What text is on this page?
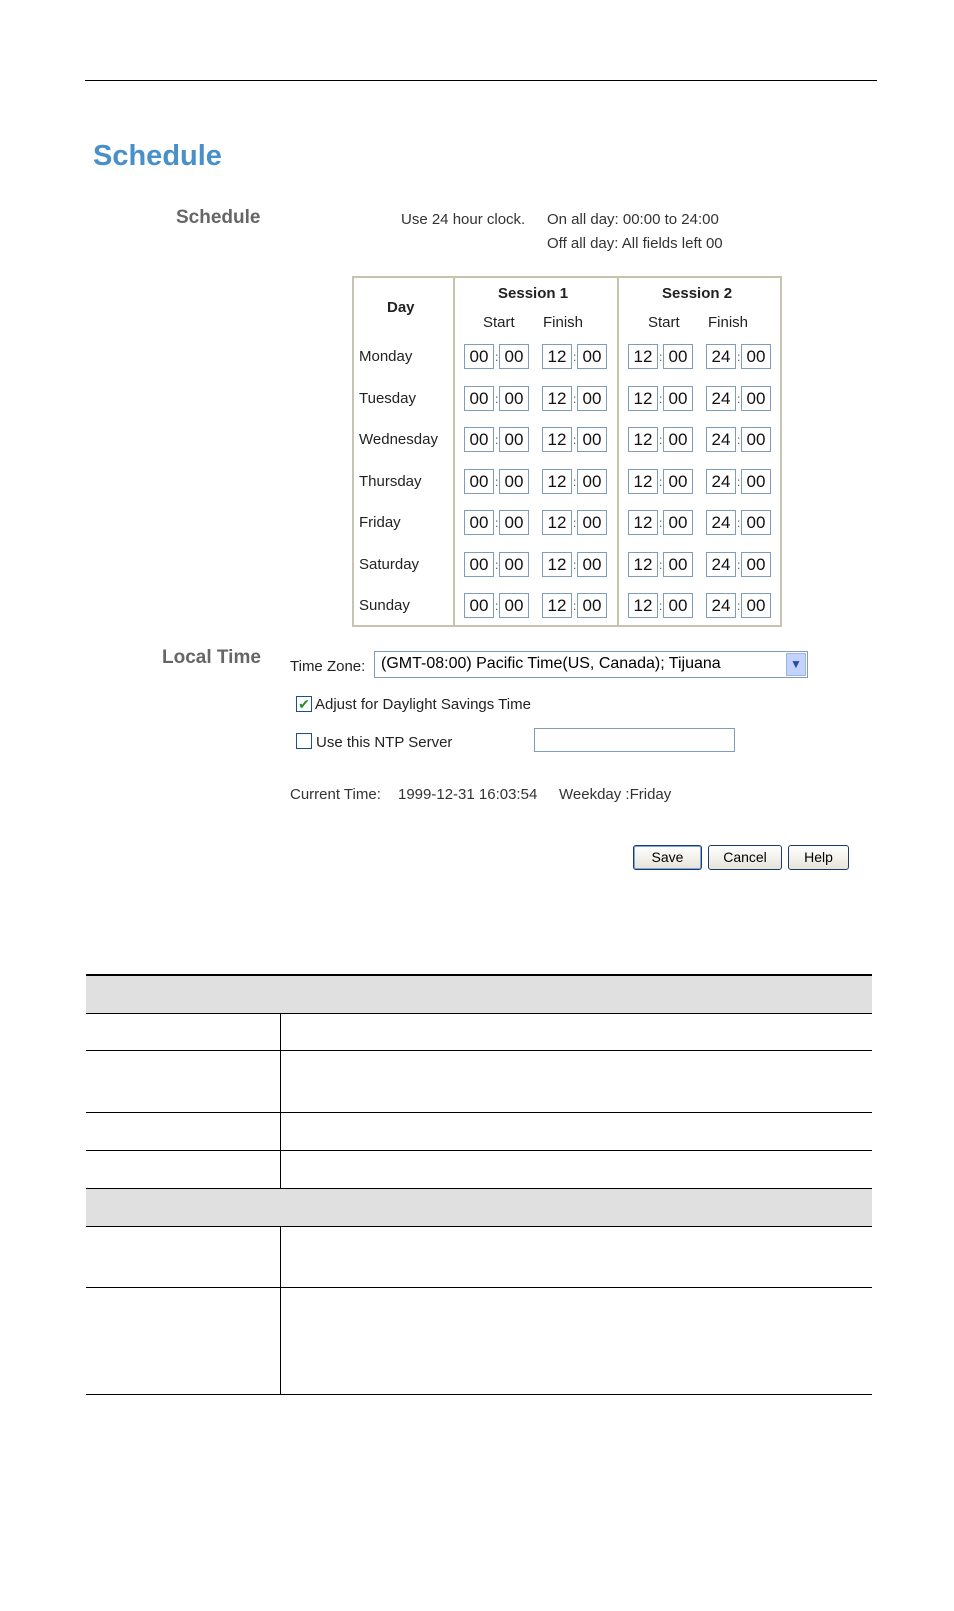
Schedule
Schedule	Use 24 hour clock. On all day: 00:00 to 24:00
Off all day: All fields left 00
Day
Session 1	Session 2
Start Finish	Start Finish
Monday	00 00	12 00	12 00	24 00
:	:	:	:
Tuesday	00 00	12 00	12 00	24 00
:	:	:	:
Wednesday	00 00	12 00	12 00	24 00
:	:	:	:
Thursday	00 00	12 00	12 00	24 00
:	:	:	:
Friday	00 00	12 00	12 00	24 00
:	:	:	:
Saturday	00 00	12 00	12 00	24 00
:	:	:	:
Sunday	00 00	12 00	12 00	24 00
:	:	:	:
Local Time Time Zone: (GMT-08:00) Pacific Time(US, Canada); Tijuana	▼
✔ Adjust for Daylight Savings Time
Use this NTP Server
Current Time: 1999-12-31 16:03:54 Weekday :Friday
Save	Cancel	Help
